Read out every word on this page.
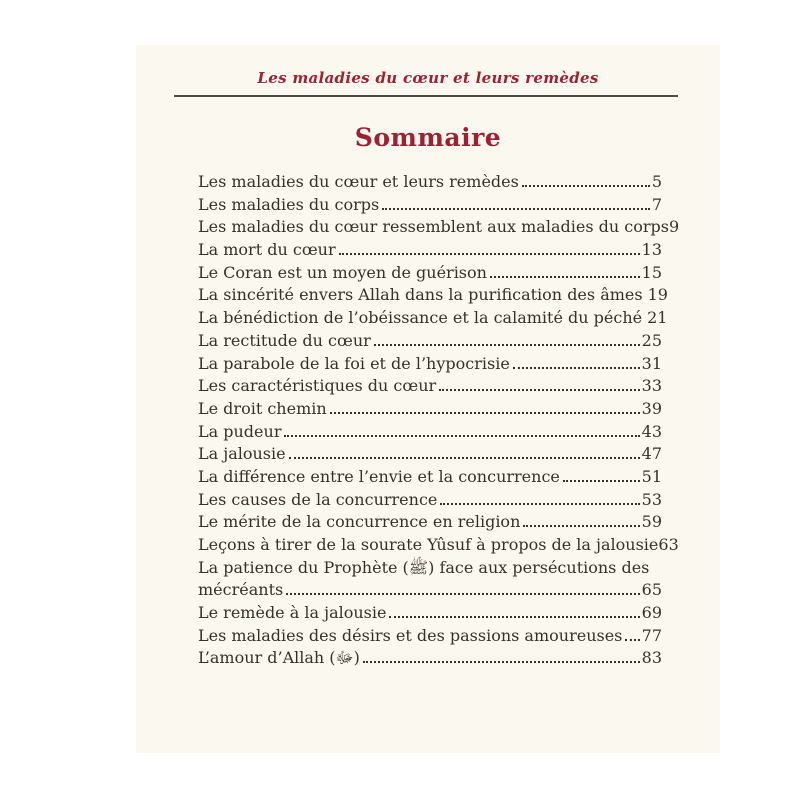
Les maladies du cœur et leurs remèdes
Sommaire
Les maladies du cœur et leurs remèdes	5
Les maladies du corps	7
Les maladies du cœur ressemblent aux maladies du corps 9
La mort du cœur	13
Le Coran est un moyen de guérison	15
La sincérité envers Allah dans la purification des âmes 19
La bénédiction de l’obéissance et la calamité du péché 21
La rectitude du cœur	25
La parabole de la foi et de l’hypocrisie	31
Les caractéristiques du cœur	33
Le droit chemin	39
La pudeur	43
La jalousie	47
La différence entre l’envie et la concurrence	51
Les causes de la concurrence	53
Le mérite de la concurrence en religion	59
Leçons à tirer de la sourate Yûsuf à propos de la jalousie 63
La patience du Prophète (ﷺ) face aux persécutions des
mécréants	65
Le remède à la jalousie	69
Les maladies des désirs et des passions amoureuses 77
L’amour d’Allah (ﷻ)	83
